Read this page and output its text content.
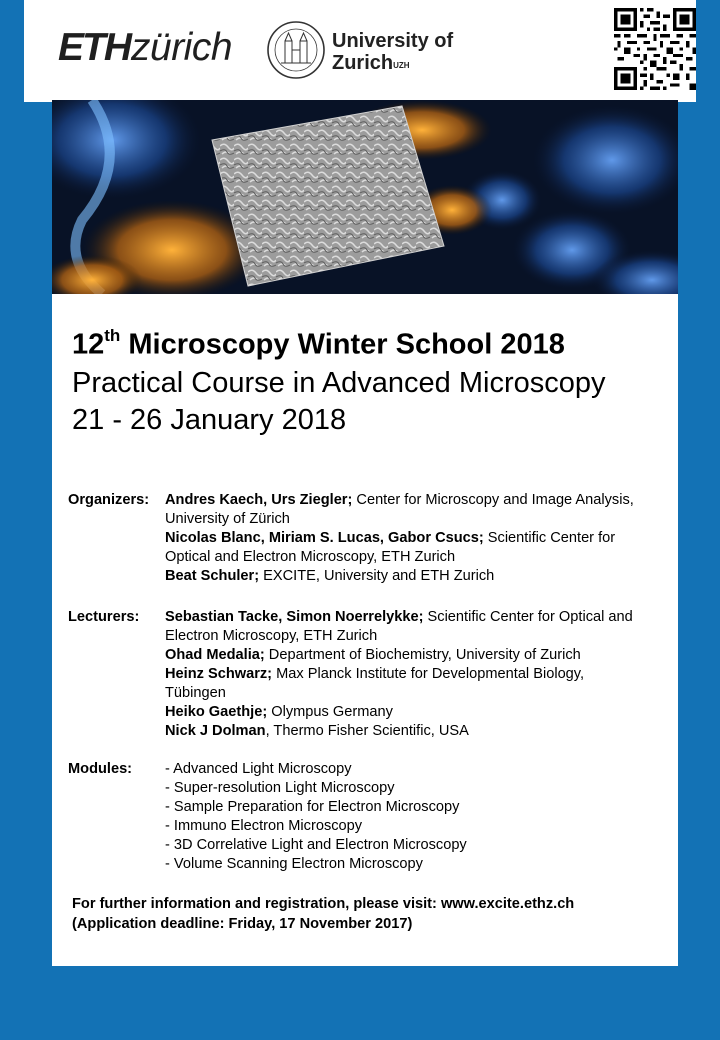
ETHzürich	University of
Zurich$^{UZH}$
12th Microscopy Winter School 2018
Practical Course in Advanced Microscopy
21 - 26 January 2018
Organizers: Andres Kaech, Urs Ziegler; Center for Microscopy and Image Analysis, University of Zürich

Nicolas Blanc, Miriam S. Lucas, Gabor Csucs; Scientific Center for Optical and Electron Microscopy, ETH Zurich

Beat Schuler; EXCITE, University and ETH Zurich

Lecturers: Sebastian Tacke, Simon Noerrelykke; Scientific Center for Optical and Electron Microscopy, ETH Zurich

Ohad Medalia; Department of Biochemistry, University of Zurich

Heinz Schwarz; Max Planck Institute for Developmental Biology, Tübingen

Heiko Gaethje; Olympus Germany

Nick J Dolman, Thermo Fisher Scientific, USA

Modules: - Advanced Light Microscopy

- Super-resolution Light Microscopy

- Sample Preparation for Electron Microscopy

- Immuno Electron Microscopy

- 3D Correlative Light and Electron Microscopy

- Volume Scanning Electron Microscopy

For further information and registration, please visit: www.excite.ethz.ch
(Application deadline: Friday, 17 November 2017)
